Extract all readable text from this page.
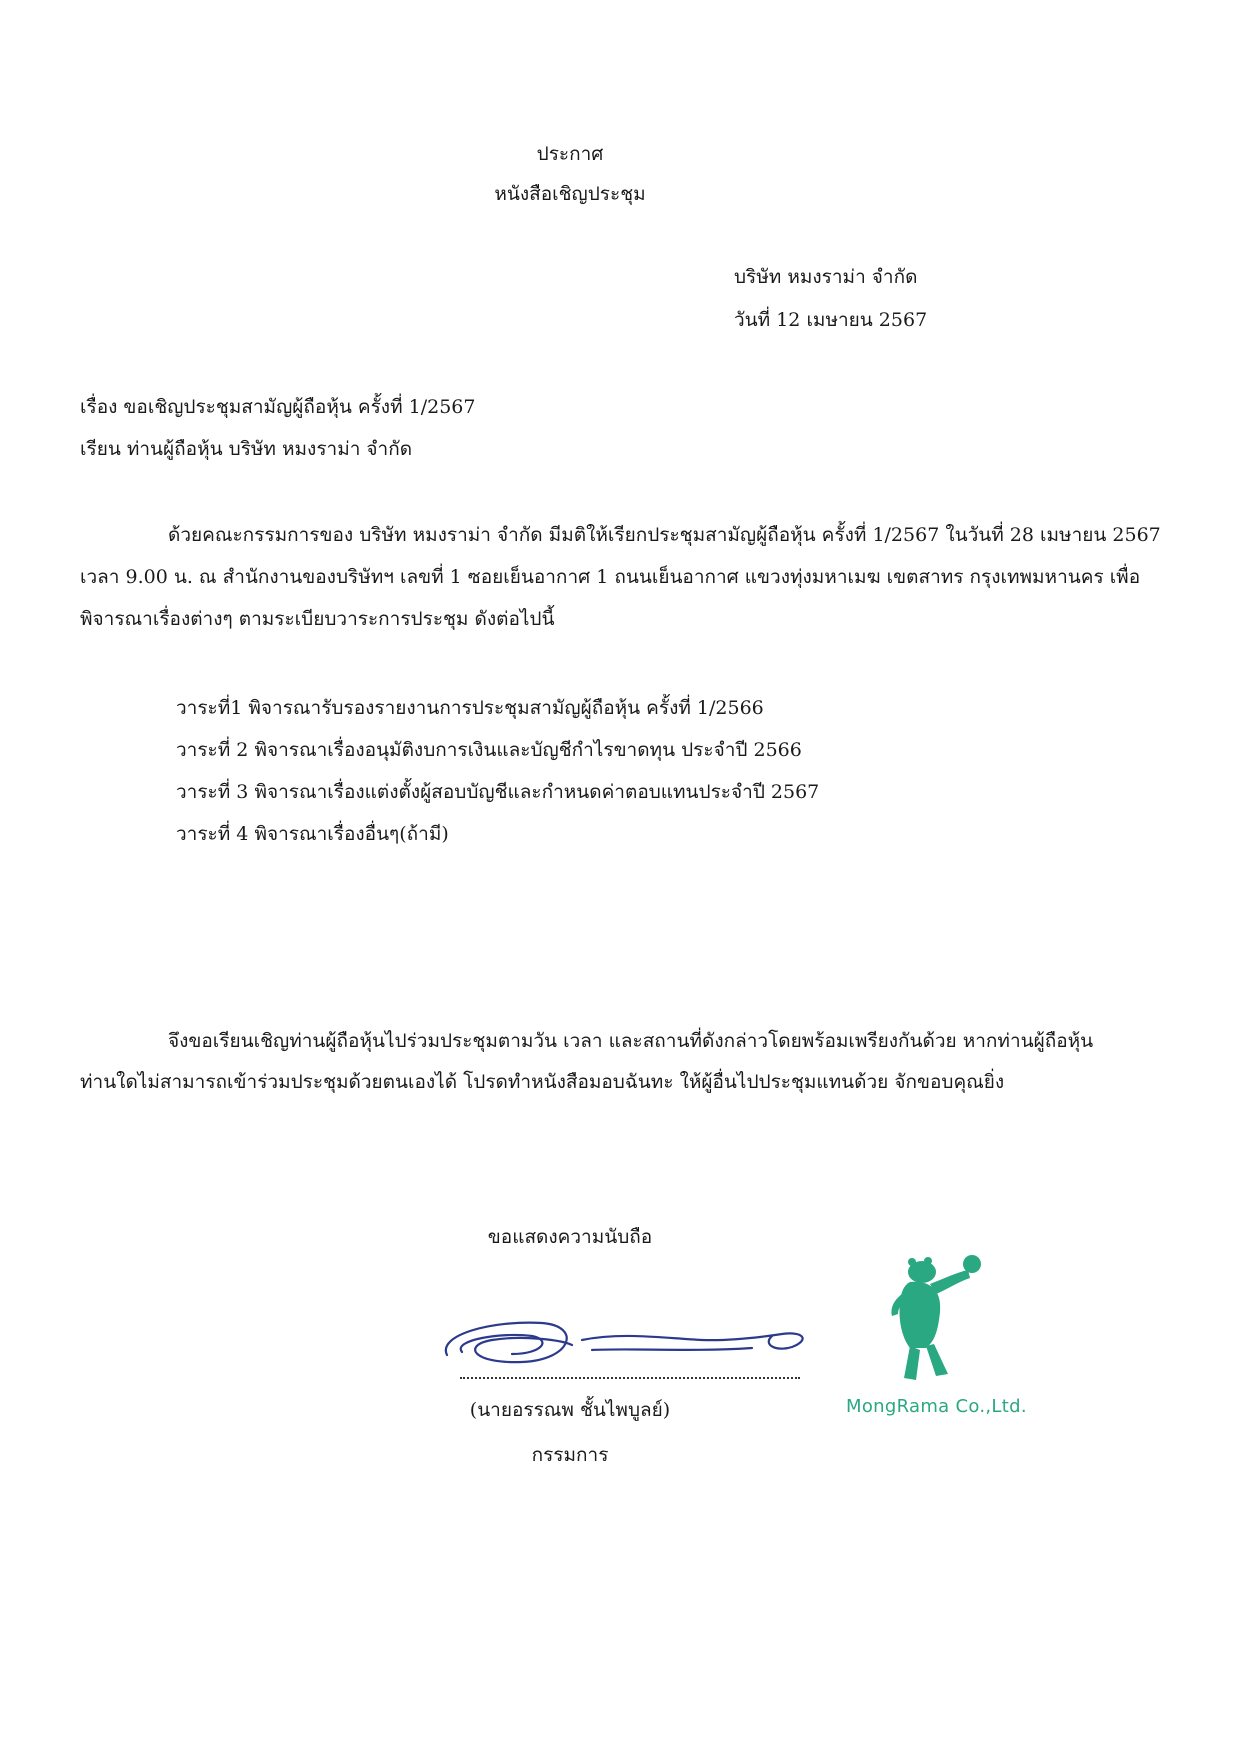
ประกาศ
หนังสือเชิญประชุม
บริษัท หมงราม่า จำกัด
วันที่ 12 เมษายน 2567
เรื่อง ขอเชิญประชุมสามัญผู้ถือหุ้น ครั้งที่ 1/2567
เรียน ท่านผู้ถือหุ้น บริษัท หมงราม่า จำกัด
ด้วยคณะกรรมการของ บริษัท หมงราม่า จำกัด มีมติให้เรียกประชุมสามัญผู้ถือหุ้น ครั้งที่ 1/2567 ในวันที่ 28 เมษายน 2567
เวลา 9.00 น. ณ สำนักงานของบริษัทฯ เลขที่ 1 ซอยเย็นอากาศ 1 ถนนเย็นอากาศ แขวงทุ่งมหาเมฆ เขตสาทร กรุงเทพมหานคร เพื่อ
พิจารณาเรื่องต่างๆ ตามระเบียบวาระการประชุม ดังต่อไปนี้
วาระที่1 พิจารณารับรองรายงานการประชุมสามัญผู้ถือหุ้น ครั้งที่ 1/2566
วาระที่ 2 พิจารณาเรื่องอนุมัติงบการเงินและบัญชีกำไรขาดทุน ประจำปี 2566
วาระที่ 3 พิจารณาเรื่องแต่งตั้งผู้สอบบัญชีและกำหนดค่าตอบแทนประจำปี 2567
วาระที่ 4 พิจารณาเรื่องอื่นๆ(ถ้ามี)
จึงขอเรียนเชิญท่านผู้ถือหุ้นไปร่วมประชุมตามวัน เวลา และสถานที่ดังกล่าวโดยพร้อมเพรียงกันด้วย หากท่านผู้ถือหุ้น
ท่านใดไม่สามารถเข้าร่วมประชุมด้วยตนเองได้ โปรดทำหนังสือมอบฉันทะ ให้ผู้อื่นไปประชุมแทนด้วย จักขอบคุณยิ่ง
ขอแสดงความนับถือ
(นายอรรณพ ชั้นไพบูลย์)
กรรมการ
MongRama Co.,Ltd.
